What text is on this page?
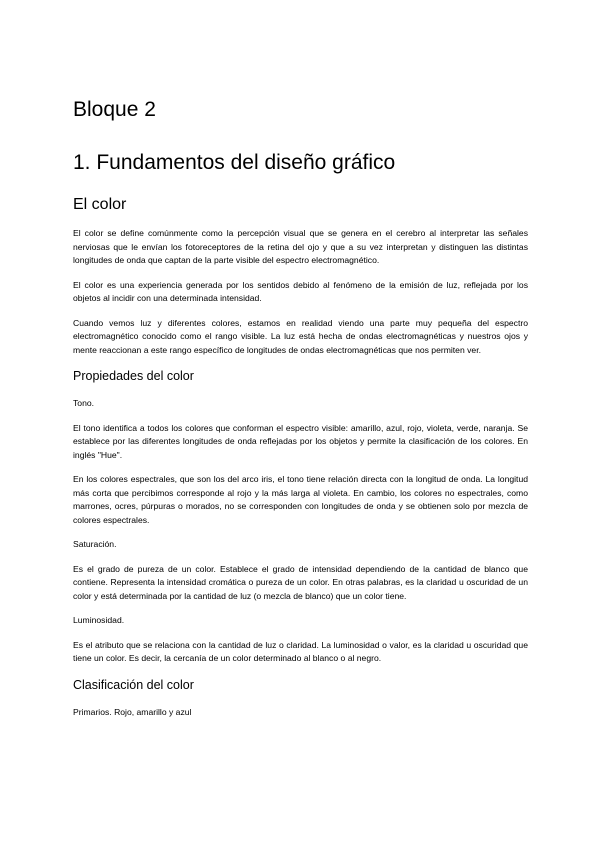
Bloque 2
1. Fundamentos del diseño gráfico
El color

El color se define comúnmente como la percepción visual que se genera en el cerebro al interpretar las señales nerviosas que le envían los fotoreceptores de la retina del ojo y que a su vez interpretan y distinguen las distintas longitudes de onda que captan de la parte visible del espectro electromagnético.

El color es una experiencia generada por los sentidos debido al fenómeno de la emisión de luz, reflejada por los objetos al incidir con una determinada intensidad.

Cuando vemos luz y diferentes colores, estamos en realidad viendo una parte muy pequeña del espectro electromagnético conocido como el rango visible. La luz está hecha de ondas electromagnéticas y nuestros ojos y mente reaccionan a este rango específico de longitudes de ondas electromagnéticas que nos permiten ver.

Propiedades del color

Tono.

El tono identifica a todos los colores que conforman el espectro visible: amarillo, azul, rojo, violeta, verde, naranja. Se establece por las diferentes longitudes de onda reflejadas por los objetos y permite la clasificación de los colores. En inglés "Hue".

En los colores espectrales, que son los del arco iris, el tono tiene relación directa con la longitud de onda. La longitud más corta que percibimos corresponde al rojo y la más larga al violeta. En cambio, los colores no espectrales, como marrones, ocres, púrpuras o morados, no se corresponden con longitudes de onda y se obtienen solo por mezcla de colores espectrales.

Saturación.

Es el grado de pureza de un color. Establece el grado de intensidad dependiendo de la cantidad de blanco que contiene. Representa la intensidad cromática o pureza de un color. En otras palabras, es la claridad u oscuridad de un color y está determinada por la cantidad de luz (o mezcla de blanco) que un color tiene.

Luminosidad.

Es el atributo que se relaciona con la cantidad de luz o claridad. La luminosidad o valor, es la claridad u oscuridad que tiene un color. Es decir, la cercanía de un color determinado al blanco o al negro.

Clasificación del color

Primarios. Rojo, amarillo y azul
